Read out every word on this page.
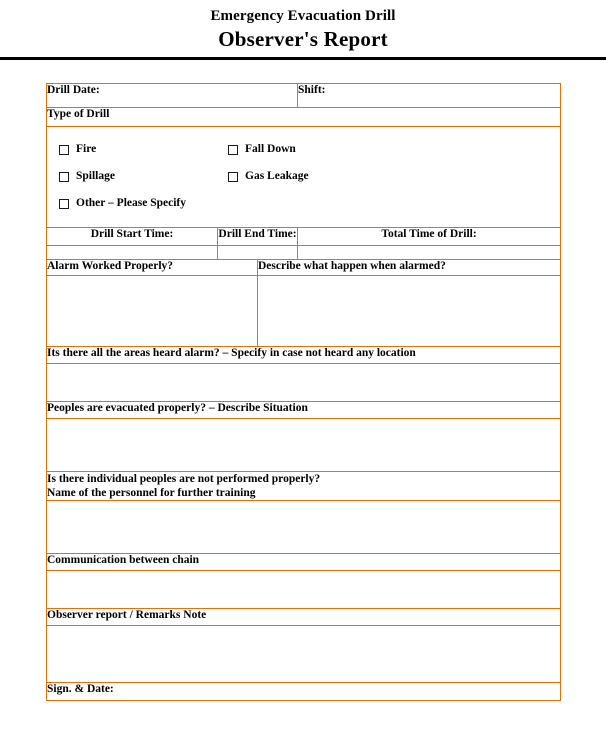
Emergency Evacuation Drill
Observer's Report
Drill Date:			Shift:
Type of Drill			

Fire Fall Down
Spillage Gas Leakage
Other – Please Specify			

Drill Start Time:	Drill End Time:		Total Time of Drill:

Alarm Worked Properly?		Describe what happen when alarmed?	

Its there all the areas heard alarm? – Specify in case not heard any location			

Peoples are evacuated properly? – Describe Situation			

Is there individual peoples are not performed properly?
Name of the personnel for further training			

Communication between chain			

Observer report / Remarks Note			

Sign. & Date:			
